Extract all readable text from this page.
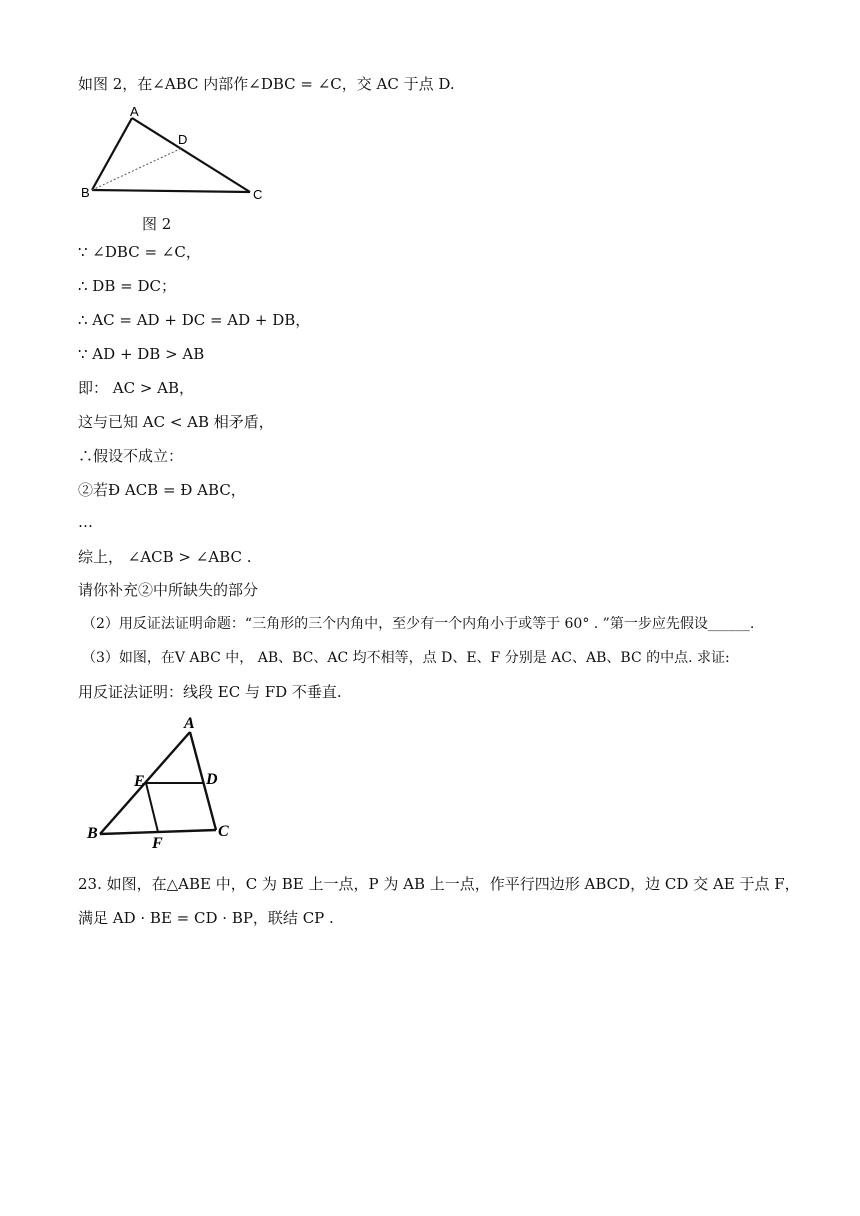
如图 2，在∠ABC 内部作∠DBC = ∠C，交 AC 于点 D.
A
D
B	C
图 2
∵ ∠DBC = ∠C，
∴ DB = DC；
∴ AC = AD + DC = AD + DB，
∵ AD + DB > AB
即： AC > AB，
这与已知 AC < AB 相矛盾，
∴假设不成立：
②若Ð ACB = Ð ABC，
…
综上， ∠ACB > ∠ABC .
请你补充②中所缺失的部分
（2）用反证法证明命题：“三角形的三个内角中，至少有一个内角小于或等于 60° . ”第一步应先假设______.
（3）如图，在V ABC 中， AB、BC、AC 均不相等，点 D、E、F 分别是 AC、AB、BC 的中点. 求证:
用反证法证明：线段 EC 与 FD 不垂直.
A
E	D
B
F
C
23. 如图，在△ABE 中，C 为 BE 上一点，P 为 AB 上一点，作平行四边形 ABCD，边 CD 交 AE 于点 F，
满足 AD · BE = CD · BP，联结 CP .
